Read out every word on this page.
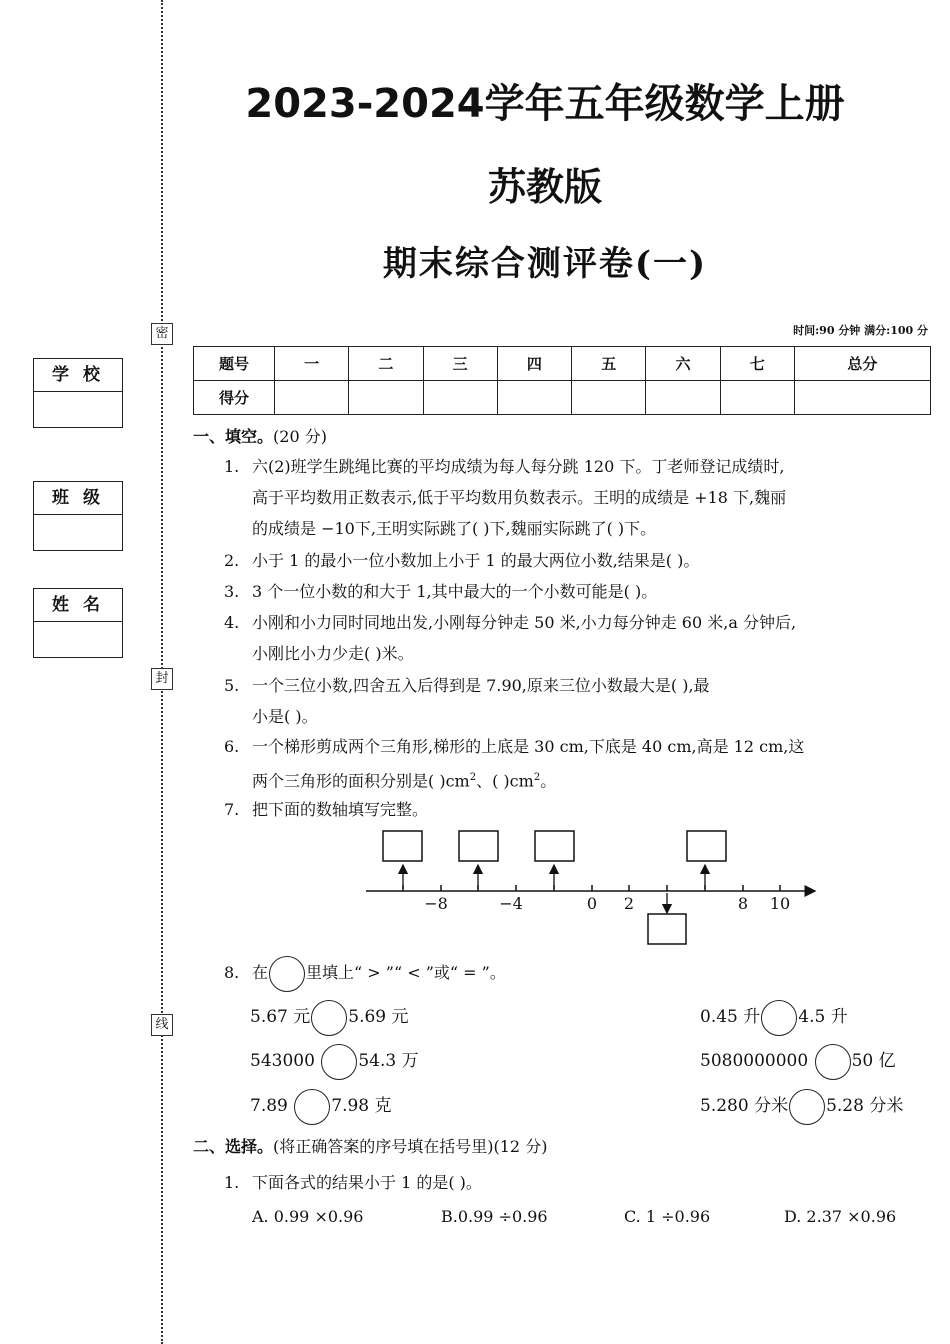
密
封
线
学 校
班 级
姓 名
2023-2024学年五年级数学上册
苏教版
期末综合测评卷(一)
时间:90 分钟 满分:100 分
题号	一	二	三	四	五	六	七	总分
得分								
一、填空。(20 分)
1. 六(2)班学生跳绳比赛的平均成绩为每人每分跳 120 下。丁老师登记成绩时,
高于平均数用正数表示,低于平均数用负数表示。王明的成绩是 +18 下,魏丽
的成绩是 −10下,王明实际跳了( )下,魏丽实际跳了( )下。
2. 小于 1 的最小一位小数加上小于 1 的最大两位小数,结果是( )。
3. 3 个一位小数的和大于 1,其中最大的一个小数可能是( )。
4. 小刚和小力同时同地出发,小刚每分钟走 50 米,小力每分钟走 60 米,a 分钟后,
小刚比小力少走( )米。
5. 一个三位小数,四舍五入后得到是 7.90,原来三位小数最大是( ),最
小是( )。
6. 一个梯形剪成两个三角形,梯形的上底是 30 cm,下底是 40 cm,高是 12 cm,这
两个三角形的面积分别是( )$cm^2$、( )$cm^2$。
7. 把下面的数轴填写完整。
−8	−4	0 2	8 10
8. 在 里填上“ > ”“ < ”或“ = ”。
5.67 元 5.69 元	0.45 升 4.5 升
543000 54.3 万	5080000000 50 亿
7.89 7.98 克	5.280 分米 5.28 分米
二、选择。(将正确答案的序号填在括号里)(12 分)
1. 下面各式的结果小于 1 的是( )。
A. 0.99 ×0.96	B.0.99 ÷0.96	C. 1 ÷0.96	D. 2.37 ×0.96
